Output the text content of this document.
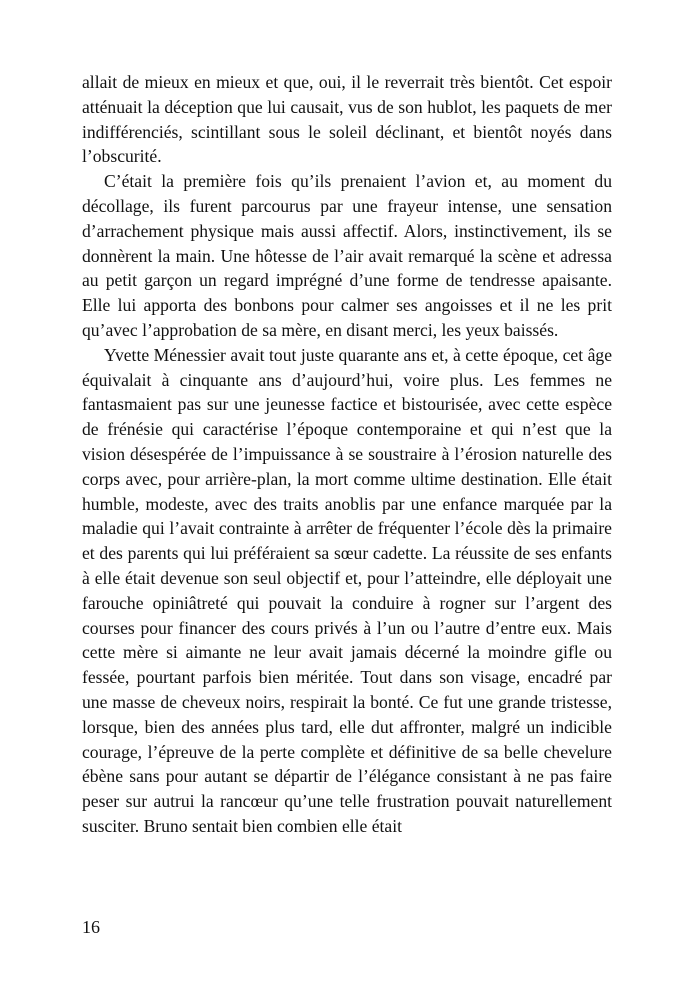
allait de mieux en mieux et que, oui, il le reverrait très bientôt. Cet espoir atténuait la déception que lui causait, vus de son hublot, les paquets de mer indifférenciés, scintillant sous le soleil déclinant, et bientôt noyés dans l’obscurité.

C’était la première fois qu’ils prenaient l’avion et, au moment du décollage, ils furent parcourus par une frayeur intense, une sensation d’arrachement physique mais aussi affectif. Alors, instinctivement, ils se donnèrent la main. Une hôtesse de l’air avait remarqué la scène et adressa au petit garçon un regard imprégné d’une forme de tendresse apaisante. Elle lui apporta des bonbons pour calmer ses angoisses et il ne les prit qu’avec l’approbation de sa mère, en disant merci, les yeux baissés.

Yvette Ménessier avait tout juste quarante ans et, à cette époque, cet âge équivalait à cinquante ans d’aujourd’hui, voire plus. Les femmes ne fantasmaient pas sur une jeunesse factice et bistourisée, avec cette espèce de frénésie qui caractérise l’époque contemporaine et qui n’est que la vision désespérée de l’impuissance à se soustraire à l’érosion naturelle des corps avec, pour arrière-plan, la mort comme ultime destination. Elle était humble, modeste, avec des traits anoblis par une enfance marquée par la maladie qui l’avait contrainte à arrêter de fréquenter l’école dès la primaire et des parents qui lui préféraient sa sœur cadette. La réussite de ses enfants à elle était devenue son seul objectif et, pour l’atteindre, elle déployait une farouche opiniâtreté qui pouvait la conduire à rogner sur l’argent des courses pour financer des cours privés à l’un ou l’autre d’entre eux. Mais cette mère si aimante ne leur avait jamais décerné la moindre gifle ou fessée, pourtant parfois bien méritée. Tout dans son visage, encadré par une masse de cheveux noirs, respirait la bonté. Ce fut une grande tristesse, lorsque, bien des années plus tard, elle dut affronter, malgré un indicible courage, l’épreuve de la perte complète et définitive de sa belle chevelure ébène sans pour autant se départir de l’élégance consistant à ne pas faire peser sur autrui la rancœur qu’une telle frustration pouvait naturellement susciter. Bruno sentait bien combien elle était

16
